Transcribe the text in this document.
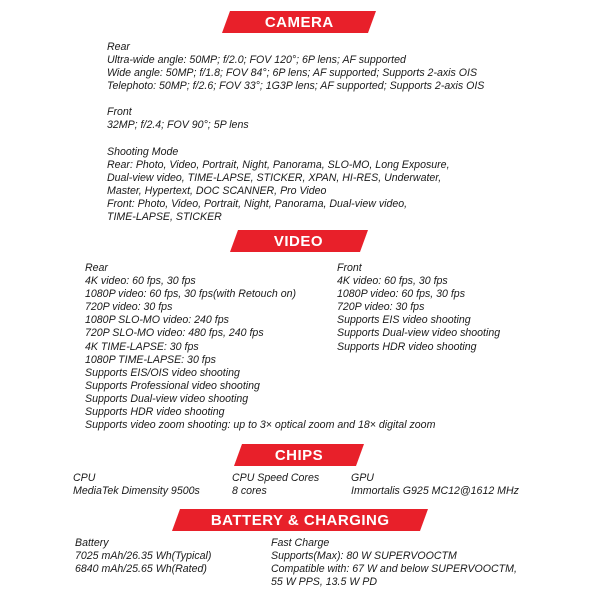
CAMERA
Rear
Ultra-wide angle: 50MP; f/2.0; FOV 120°; 6P lens; AF supported
Wide angle: 50MP; f/1.8; FOV 84°; 6P lens; AF supported; Supports 2-axis OIS
Telephoto: 50MP; f/2.6; FOV 33°; 1G3P lens; AF supported; Supports 2-axis OIS
Front
32MP; f/2.4; FOV 90°; 5P lens
Shooting Mode
Rear: Photo, Video, Portrait, Night, Panorama, SLO-MO, Long Exposure,
Dual-view video, TIME-LAPSE, STICKER, XPAN, HI-RES, Underwater,
Master, Hypertext, DOC SCANNER, Pro Video
Front: Photo, Video, Portrait, Night, Panorama, Dual-view video,
TIME-LAPSE, STICKER
VIDEO
Rear
4K video: 60 fps, 30 fps
1080P video: 60 fps, 30 fps(with Retouch on)
720P video: 30 fps
1080P SLO-MO video: 240 fps
720P SLO-MO video: 480 fps, 240 fps
4K TIME-LAPSE: 30 fps
1080P TIME-LAPSE: 30 fps
Supports EIS/OIS video shooting
Supports Professional video shooting
Supports Dual-view video shooting
Supports HDR video shooting
Supports video zoom shooting: up to 3× optical zoom and 18× digital zoom
Front
4K video: 60 fps, 30 fps
1080P video: 60 fps, 30 fps
720P video: 30 fps
Supports EIS video shooting
Supports Dual-view video shooting
Supports HDR video shooting
CHIPS
CPU
MediaTek Dimensity 9500s
CPU Speed Cores
8 cores
GPU
Immortalis G925 MC12@1612 MHz
BATTERY & CHARGING
Battery
7025 mAh/26.35 Wh(Typical)
6840 mAh/25.65 Wh(Rated)
Fast Charge
Supports(Max): 80 W SUPERVOOCTM
Compatible with: 67 W and below SUPERVOOCTM,
55 W PPS, 13.5 W PD
